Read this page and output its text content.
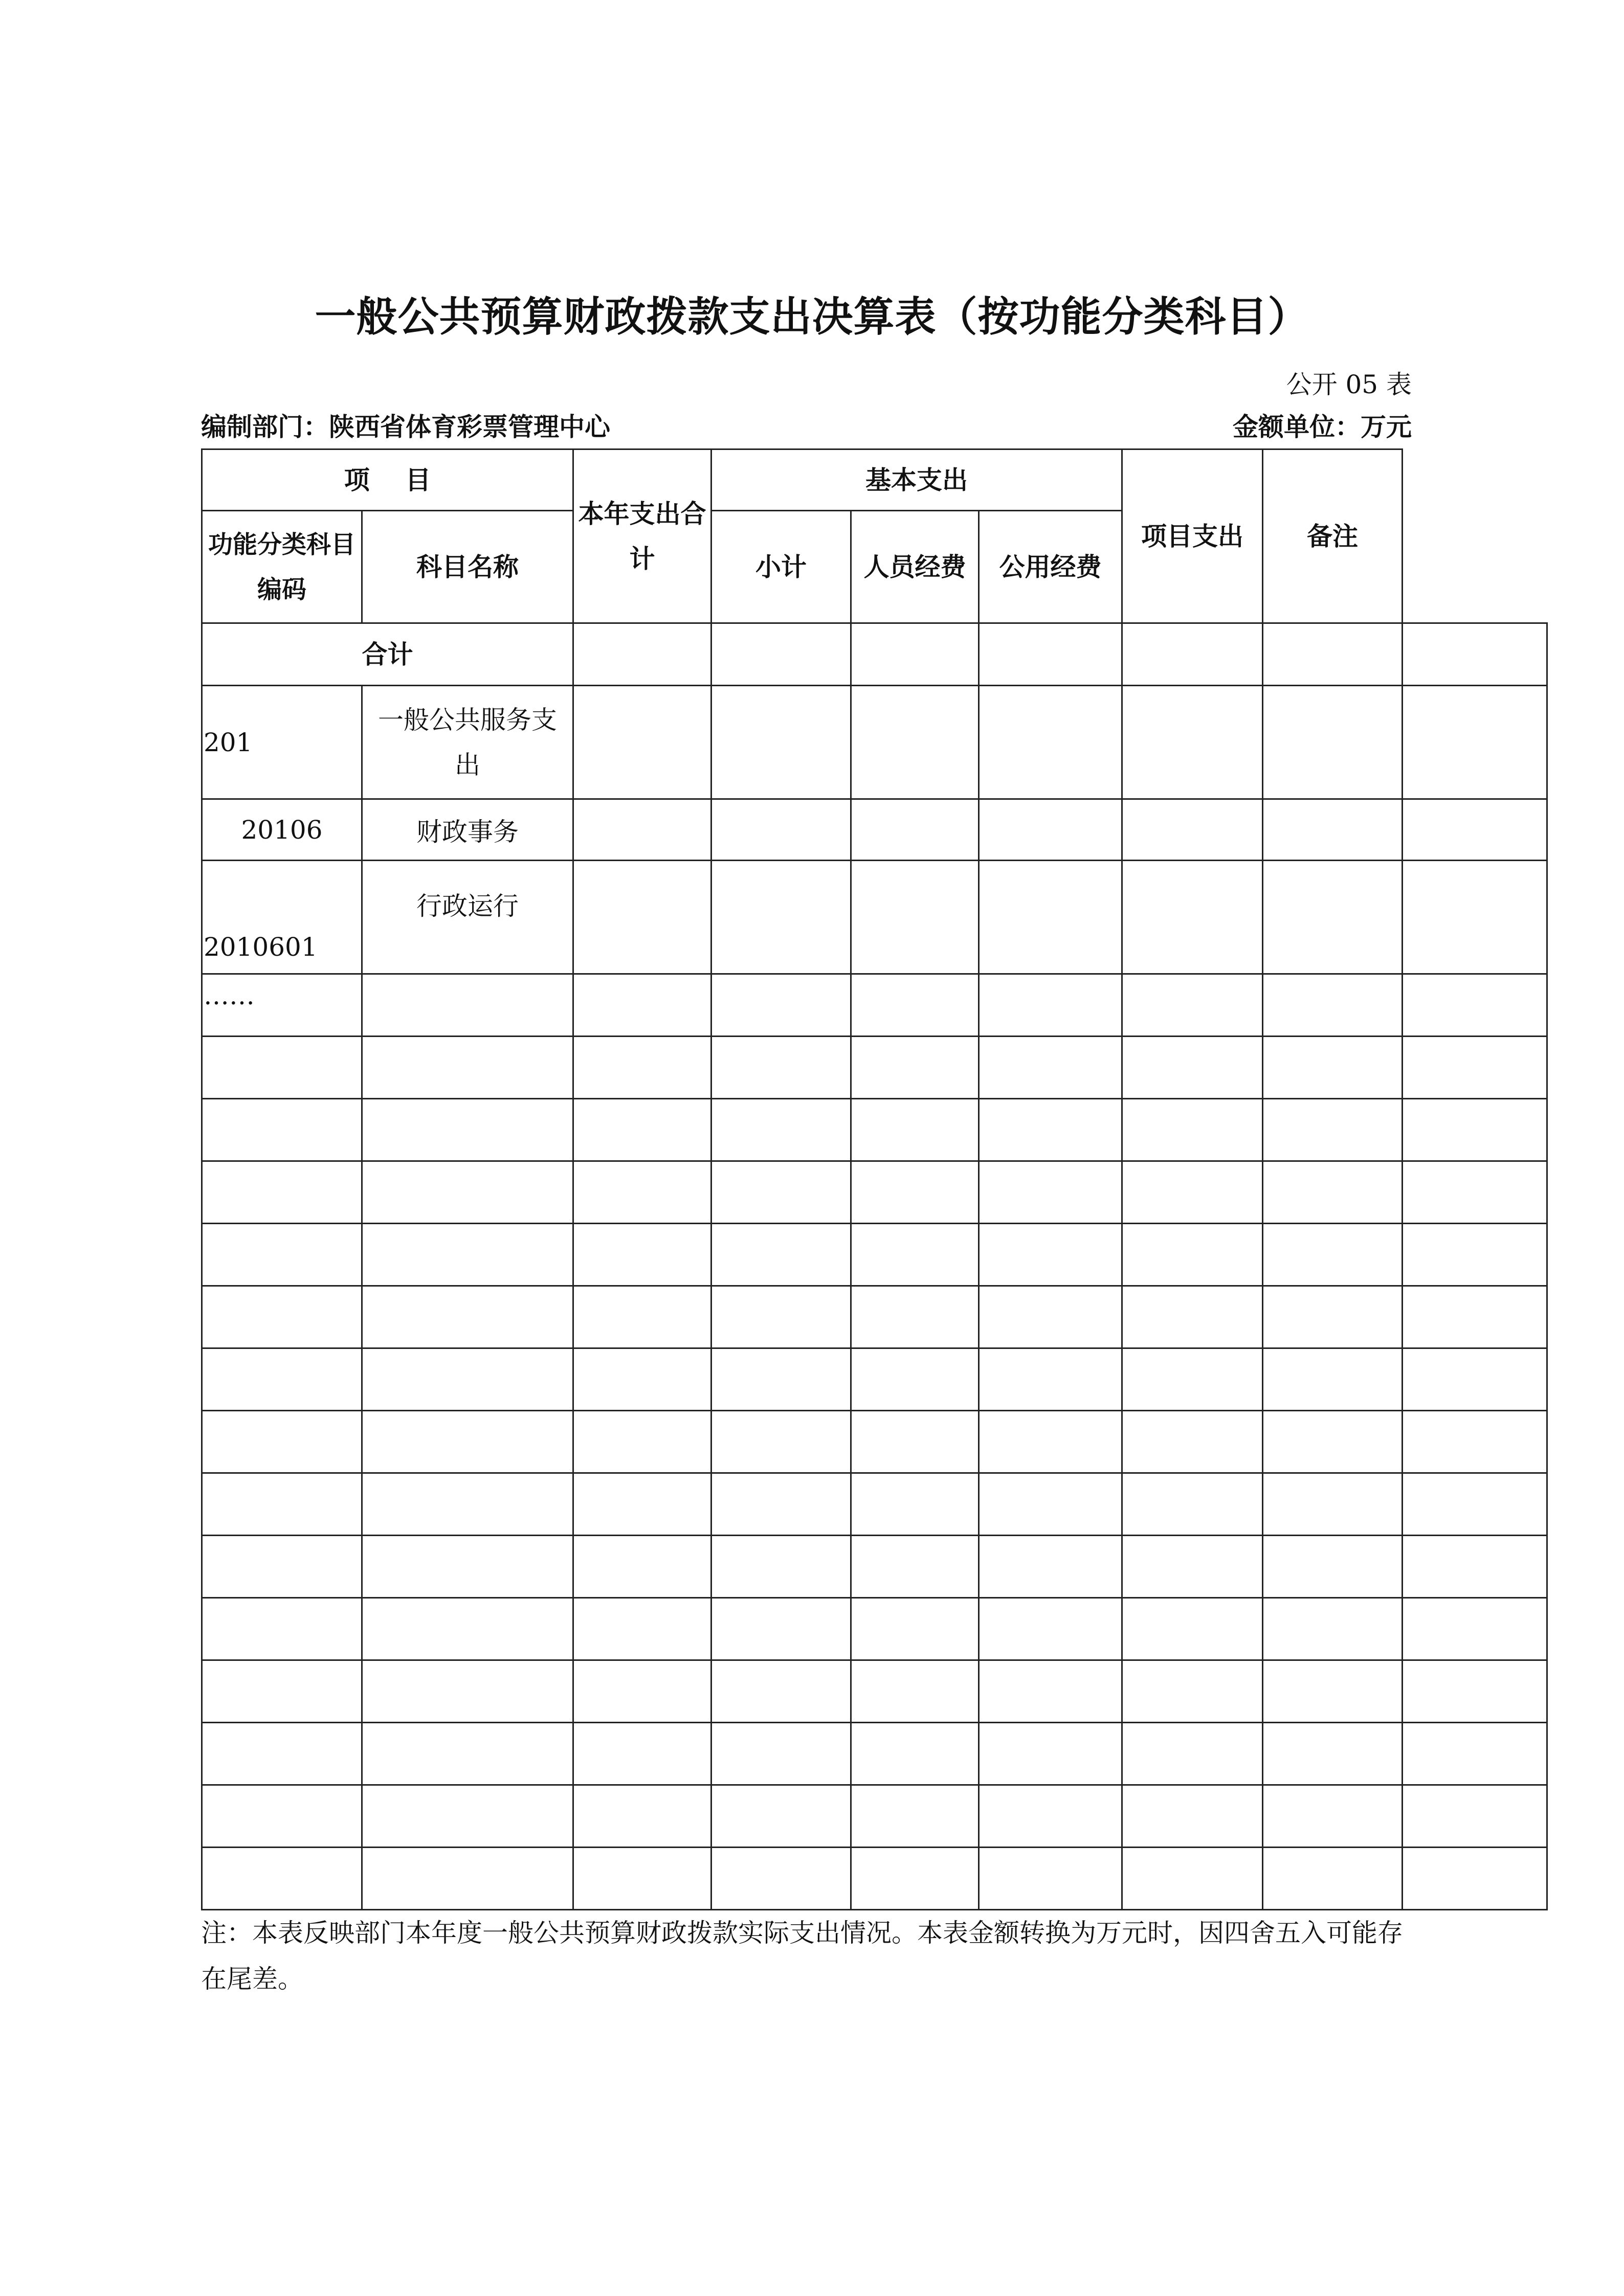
一般公共预算财政拨款支出决算表（按功能分类科目）
公开 05 表
编制部门：陕西省体育彩票管理中心	金额单位：万元
项    目		本年支出合计	基本支出			项目支出	备注	
功能分类科目编码	科目名称		小计	人员经费	公用经费			
合计								
201	一般公共服务支出							
20106	财政事务							
2010601	行政运行							
……								

注：本表反映部门本年度一般公共预算财政拨款实际支出情况。本表金额转换为万元时，因四舍五入可能存在尾差。
